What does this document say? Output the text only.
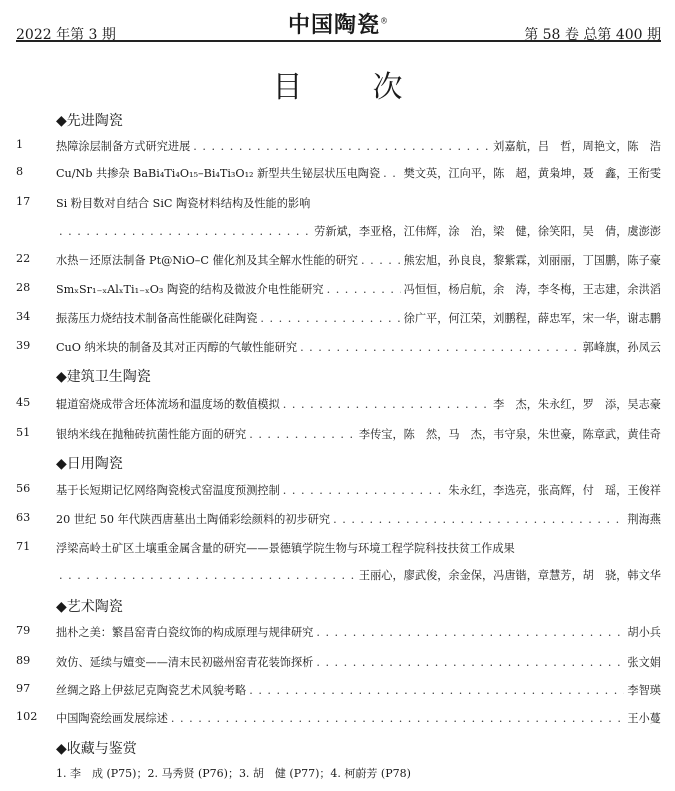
2022 年第 3 期	中国陶瓷®
第 58 卷 总第 400 期
目次
◆先进陶瓷
1	热障涂层制备方式研究进展 . . .	刘嘉航，吕　哲，周艳文，陈　浩
8	Cu/Nb 共掺杂 BaBi₄Ti₄O₁₅–Bi₄Ti₃O₁₂ 新型共生铋层状压电陶瓷 . . . 樊文英，江向平，陈　超，黄枭坤，聂　鑫，王衔雯
17 Si 粉目数对自结合 SiC 陶瓷材料结构及性能的影响
. . .
劳新斌，李亚格，江伟辉，涂　治，梁　健，徐笑阳，吴　倩，虞澎澎
22 水热－还原法制备 Pt@NiO–C 催化剂及其全解水性能的研究 . . .	熊宏旭，孙良良，黎紫霖，刘丽丽，丁国鹏，陈子豪
28 SmₓSr₁₋ₓAlₓTi₁₋ₓO₃ 陶瓷的结构及微波介电性能研究 . . .	冯恒恒，杨启航，余　涛，李冬梅，王志建，余洪滔
34 振荡压力烧结技术制备高性能碳化硅陶瓷 . . .	徐广平，何江荣，刘鹏程，薛忠军，宋一华，谢志鹏
39 CuO 纳米块的制备及其对正丙醇的气敏性能研究 . . .	郭峰旗，孙凤云
◆建筑卫生陶瓷
45 辊道窑烧成带含坯体流场和温度场的数值模拟 . . .	李　杰，朱永红，罗　添，吴志豪
51 银纳米线在抛釉砖抗菌性能方面的研究 . . .	李传宝，陈　然，马　杰，韦守泉，朱世豪，陈章武，黄佳奇
◆日用陶瓷
56 基于长短期记忆网络陶瓷梭式窑温度预测控制 . . .	朱永红，李选亮，张高辉，付　瑶，王俊祥
63 20 世纪 50 年代陕西唐墓出土陶俑彩绘颜料的初步研究 . . .	荆海燕
71 浮梁高岭土矿区土壤重金属含量的研究——景德镇学院生物与环境工程学院科技扶贫工作成果
. . .
王丽心，廖武俊，余金保，冯唐锴，章慧芳，胡　骁，韩文华
◆艺术陶瓷
79 拙朴之美：繁昌窑青白瓷纹饰的构成原理与规律研究 . . .	胡小兵
89 效仿、延续与嬗变——清末民初磁州窑青花装饰探析 . . .	张文娟
97 丝绸之路上伊兹尼克陶瓷艺术风貌考略 . . .	李智瑛
102 中国陶瓷绘画发展综述 . . .	王小蔓
◆收藏与鉴赏
1. 李　成 (P75)；2. 马秀贤 (P76)；3. 胡　健 (P77)；4. 柯蔚芳 (P78)
